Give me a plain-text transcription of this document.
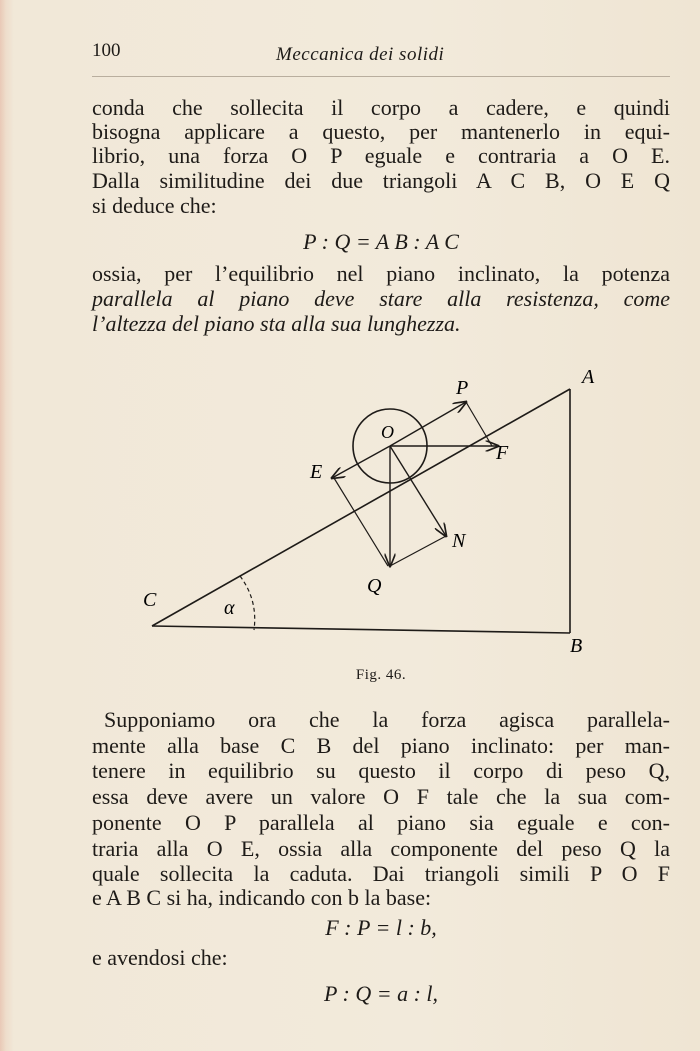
100	Meccanica dei solidi
conda che sollecita il corpo a cadere, e quindi
bisogna applicare a questo, per mantenerlo in equi-
librio, una forza O P eguale e contraria a O E.
Dalla similitudine dei due triangoli A C B, O E Q
si deduce che:
P : Q = A B : A C
ossia, per l’equilibrio nel piano inclinato, la potenza
parallela al piano deve stare alla resistenza, come
l’altezza del piano sta alla sua lunghezza.
A
B
C
O
P
F
E
N
Q
α
Fig. 46.
Supponiamo ora che la forza agisca parallela-
mente alla base C B del piano inclinato: per man-
tenere in equilibrio su questo il corpo di peso Q,
essa deve avere un valore O F tale che la sua com-
ponente O P parallela al piano sia eguale e con-
traria alla O E, ossia alla componente del peso Q la
quale sollecita la caduta. Dai triangoli simili P O F
e A B C si ha, indicando con b la base:
F : P = l : b,
e avendosi che:
P : Q = a : l,
